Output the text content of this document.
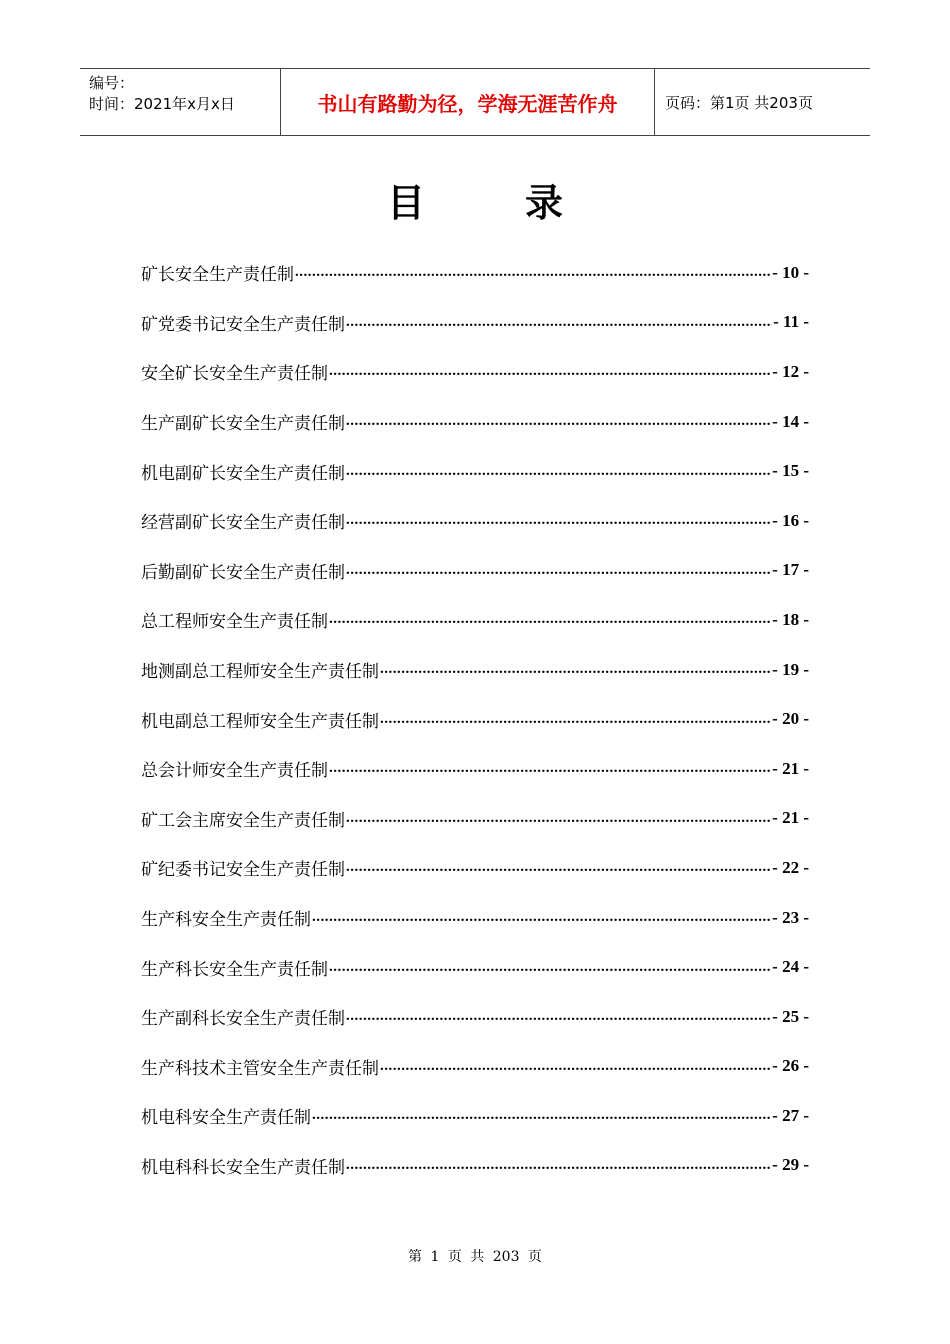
编号：
时间：2021年x月x日	书山有路勤为径，学海无涯苦作舟	页码：第1页 共203页
目	录
矿长安全生产责任制 .....	- 10 -
矿党委书记安全生产责任制 .....	- 11 -
安全矿长安全生产责任制 .....	- 12 -
生产副矿长安全生产责任制 .....	- 14 -
机电副矿长安全生产责任制 .....	- 15 -
经营副矿长安全生产责任制 .....	- 16 -
后勤副矿长安全生产责任制 .....	- 17 -
总工程师安全生产责任制 .....	- 18 -
地测副总工程师安全生产责任制 .....	- 19 -
机电副总工程师安全生产责任制 .....	- 20 -
总会计师安全生产责任制 .....	- 21 -
矿工会主席安全生产责任制 .....	- 21 -
矿纪委书记安全生产责任制 .....	- 22 -
生产科安全生产责任制 .....	- 23 -
生产科长安全生产责任制 .....	- 24 -
生产副科长安全生产责任制 .....	- 25 -
生产科技术主管安全生产责任制 .....	- 26 -
机电科安全生产责任制 .....	- 27 -
机电科科长安全生产责任制 .....	- 29 -
第 1 页 共 203 页
